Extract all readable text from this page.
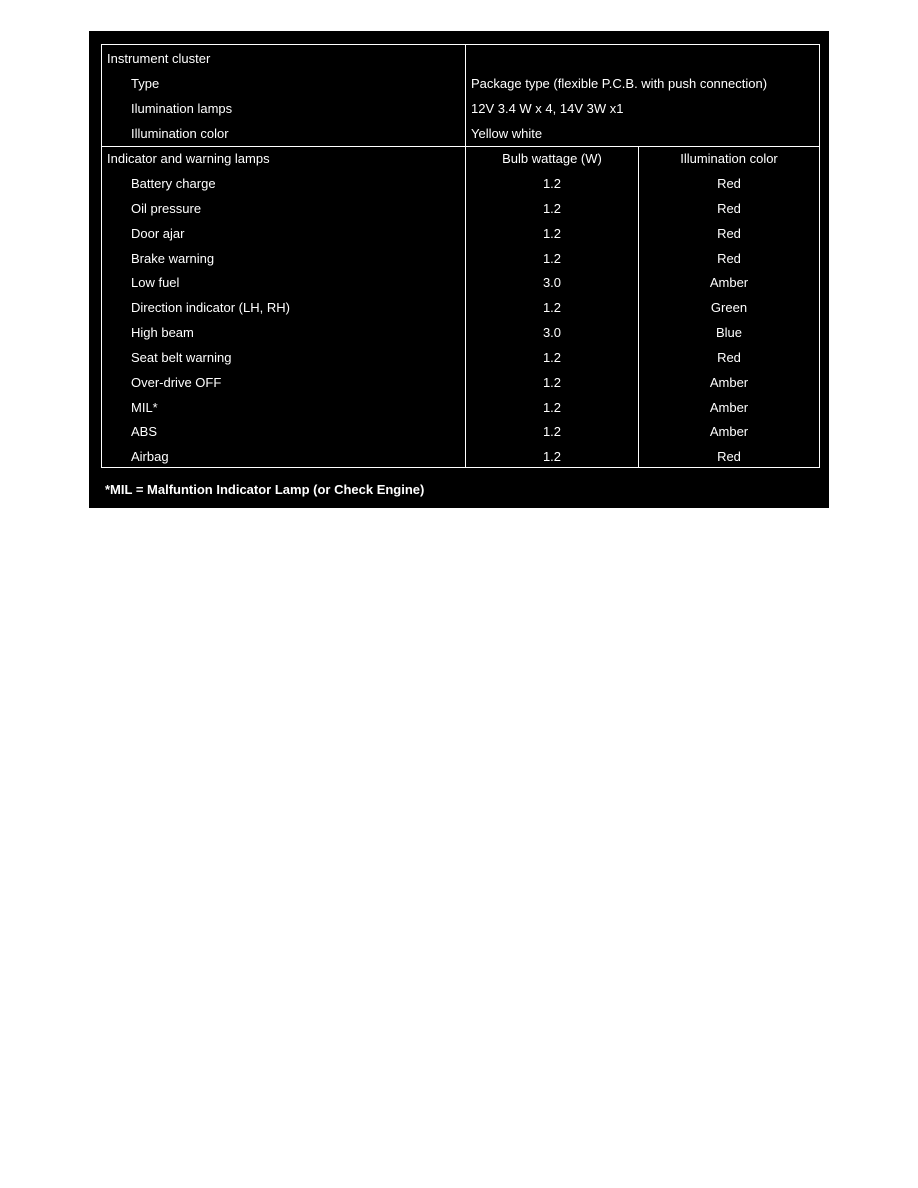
Instrument cluster
Type	Package type (flexible P.C.B. with push connection)
Ilumination lamps	12V 3.4 W x 4, 14V 3W x1
Illumination color	Yellow white
Indicator and warning lamps	Bulb wattage (W)	Illumination color
Battery charge	1.2	Red
Oil pressure	1.2	Red
Door ajar	1.2	Red
Brake warning	1.2	Red
Low fuel	3.0	Amber
Direction indicator (LH, RH)	1.2	Green
High beam	3.0	Blue
Seat belt warning	1.2	Red
Over-drive OFF	1.2	Amber
MIL*	1.2	Amber
ABS	1.2	Amber
Airbag	1.2	Red
*MIL = Malfuntion Indicator Lamp (or Check Engine)
